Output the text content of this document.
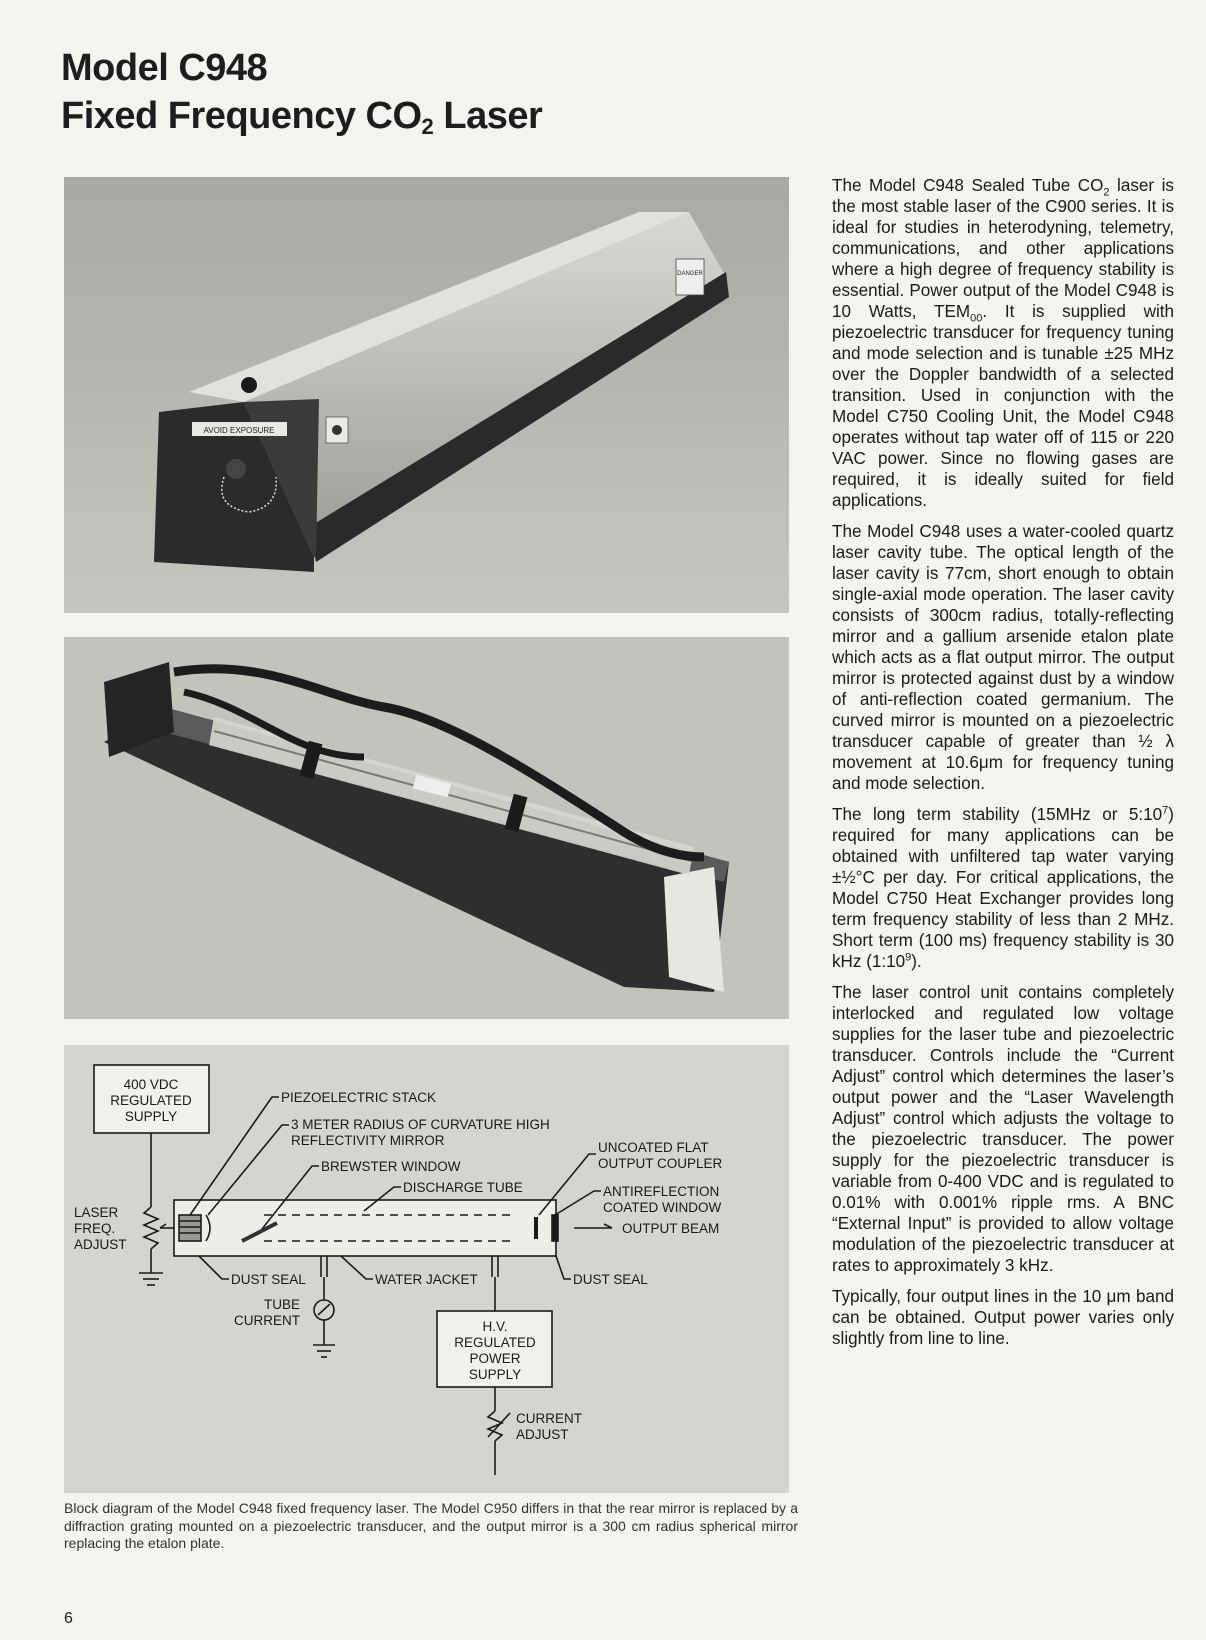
Model C948
Fixed Frequency $CO_2$ Laser
AVOID EXPOSURE
DANGER
400 VDC
REGULATED
SUPPLY
PIEZOELECTRIC STACK
3 METER RADIUS OF CURVATURE HIGH
REFLECTIVITY MIRROR
BREWSTER WINDOW
DISCHARGE TUBE
UNCOATED FLAT
OUTPUT COUPLER
ANTIREFLECTION
COATED WINDOW
OUTPUT BEAM
LASER
FREQ.
ADJUST
DUST SEAL	WATER JACKET	DUST SEAL
TUBE
CURRENT	H.V.
REGULATED
POWER
SUPPLY
CURRENT
ADJUST
Block diagram of the Model C948 fixed frequency laser. The Model C950 differs in that the rear mirror is replaced by a diffraction grating mounted on a piezoelectric transducer, and the output mirror is a 300 cm radius spherical mirror replacing the etalon plate.

The Model C948 Sealed Tube $CO_2$ laser is the most stable laser of the C900 series. It is ideal for studies in heterodyning, telemetry, communications, and other applications where a high degree of frequency stability is essential. Power output of the Model C948 is 10 Watts, $TEM_{00}$. It is supplied with piezoelectric transducer for frequency tuning and mode selection and is tunable ±25 MHz over the Doppler bandwidth of a selected transition. Used in conjunction with the Model C750 Cooling Unit, the Model C948 operates without tap water off of 115 or 220 VAC power. Since no flowing gases are required, it is ideally suited for field applications.

The Model C948 uses a water-cooled quartz laser cavity tube. The optical length of the laser cavity is 77cm, short enough to obtain single-axial mode operation. The laser cavity consists of 300cm radius, totally-reflecting mirror and a gallium arsenide etalon plate which acts as a flat output mirror. The output mirror is protected against dust by a window of anti-reflection coated germanium. The curved mirror is mounted on a piezoelectric transducer capable of greater than ½ λ movement at 10.6μm for frequency tuning and mode selection.

The long term stability (15MHz or $5:10^7$) required for many applications can be obtained with unfiltered tap water varying ±½°C per day. For critical applications, the Model C750 Heat Exchanger provides long term frequency stability of less than 2 MHz. Short term (100 ms) frequency stability is 30 kHz $(1:10^9)$.

The laser control unit contains completely interlocked and regulated low voltage supplies for the laser tube and piezoelectric transducer. Controls include the “Current Adjust” control which determines the laser’s output power and the “Laser Wavelength Adjust” control which adjusts the voltage to the piezoelectric transducer. The power supply for the piezoelectric transducer is variable from 0-400 VDC and is regulated to 0.01% with 0.001% ripple rms. A BNC “External Input” is provided to allow voltage modulation of the piezoelectric transducer at rates to approximately 3 kHz.

Typically, four output lines in the 10 μm band can be obtained. Output power varies only slightly from line to line.

6
